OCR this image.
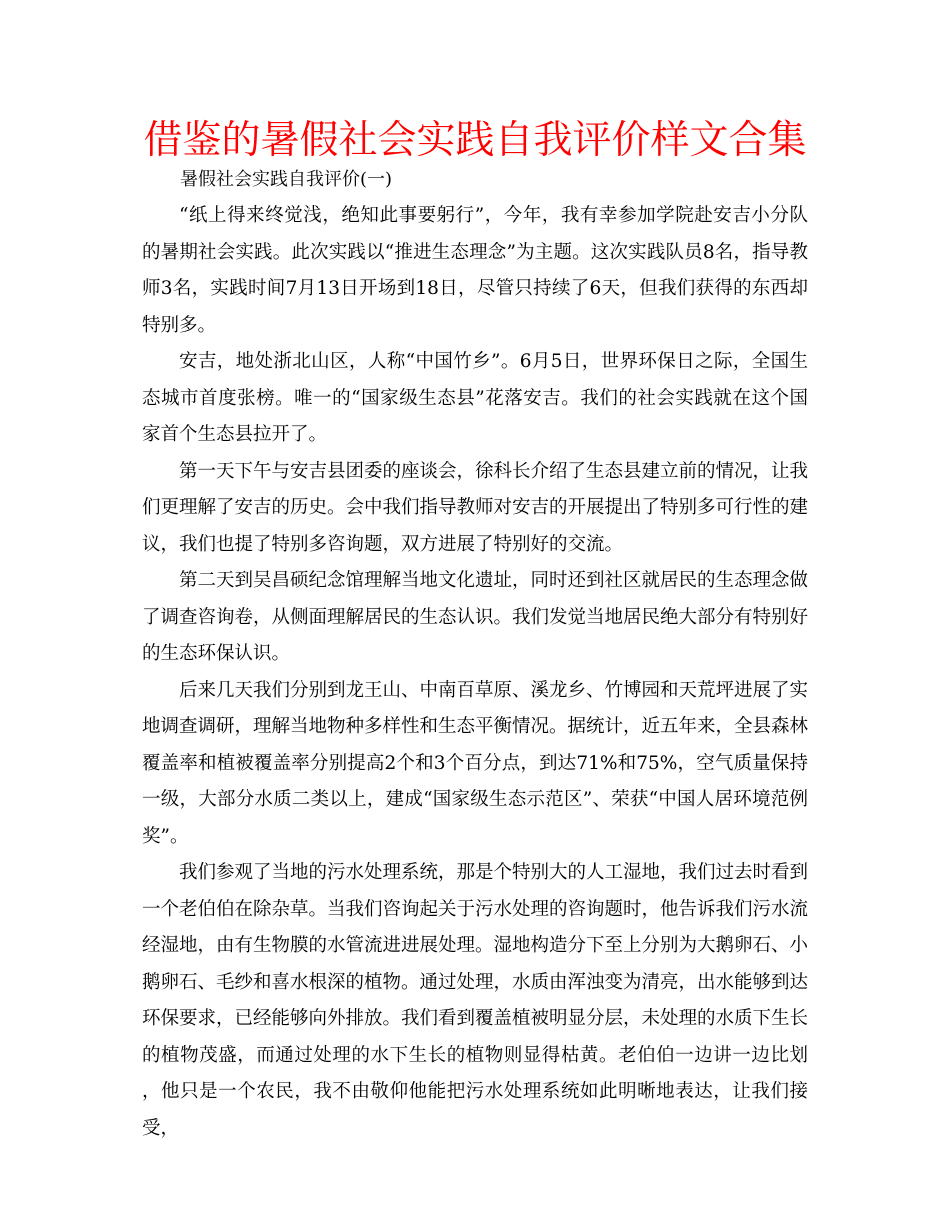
借鉴的暑假社会实践自我评价样文合集
暑假社会实践自我评价(一)

“纸上得来终觉浅，绝知此事要躬行”，今年，我有幸参加学院赴安吉小分队的暑期社会实践。此次实践以“推进生态理念”为主题。这次实践队员8名，指导教师3名，实践时间7月13日开场到18日，尽管只持续了6天，但我们获得的东西却特别多。

安吉，地处浙北山区，人称“中国竹乡”。6月5日，世界环保日之际，全国生态城市首度张榜。唯一的“国家级生态县”花落安吉。我们的社会实践就在这个国家首个生态县拉开了。

第一天下午与安吉县团委的座谈会，徐科长介绍了生态县建立前的情况，让我们更理解了安吉的历史。会中我们指导教师对安吉的开展提出了特别多可行性的建议，我们也提了特别多咨询题，双方进展了特别好的交流。

第二天到吴昌硕纪念馆理解当地文化遗址，同时还到社区就居民的生态理念做了调查咨询卷，从侧面理解居民的生态认识。我们发觉当地居民绝大部分有特别好的生态环保认识。

后来几天我们分别到龙王山、中南百草原、溪龙乡、竹博园和天荒坪进展了实地调查调研，理解当地物种多样性和生态平衡情况。据统计，近五年来，全县森林覆盖率和植被覆盖率分别提高2个和3个百分点，到达71%和75%，空气质量保持一级，大部分水质二类以上，建成“国家级生态示范区”、荣获“中国人居环境范例奖”。

我们参观了当地的污水处理系统，那是个特别大的人工湿地，我们过去时看到一个老伯伯在除杂草。当我们咨询起关于污水处理的咨询题时，他告诉我们污水流经湿地，由有生物膜的水管流进进展处理。湿地构造分下至上分别为大鹅卵石、小鹅卵石、毛纱和喜水根深的植物。通过处理，水质由浑浊变为清亮，出水能够到达环保要求，已经能够向外排放。我们看到覆盖植被明显分层，未处理的水质下生长的植物茂盛，而通过处理的水下生长的植物则显得枯黄。老伯伯一边讲一边比划 ，他只是一个农民，我不由敬仰他能把污水处理系统如此明晰地表达，让我们接受，
